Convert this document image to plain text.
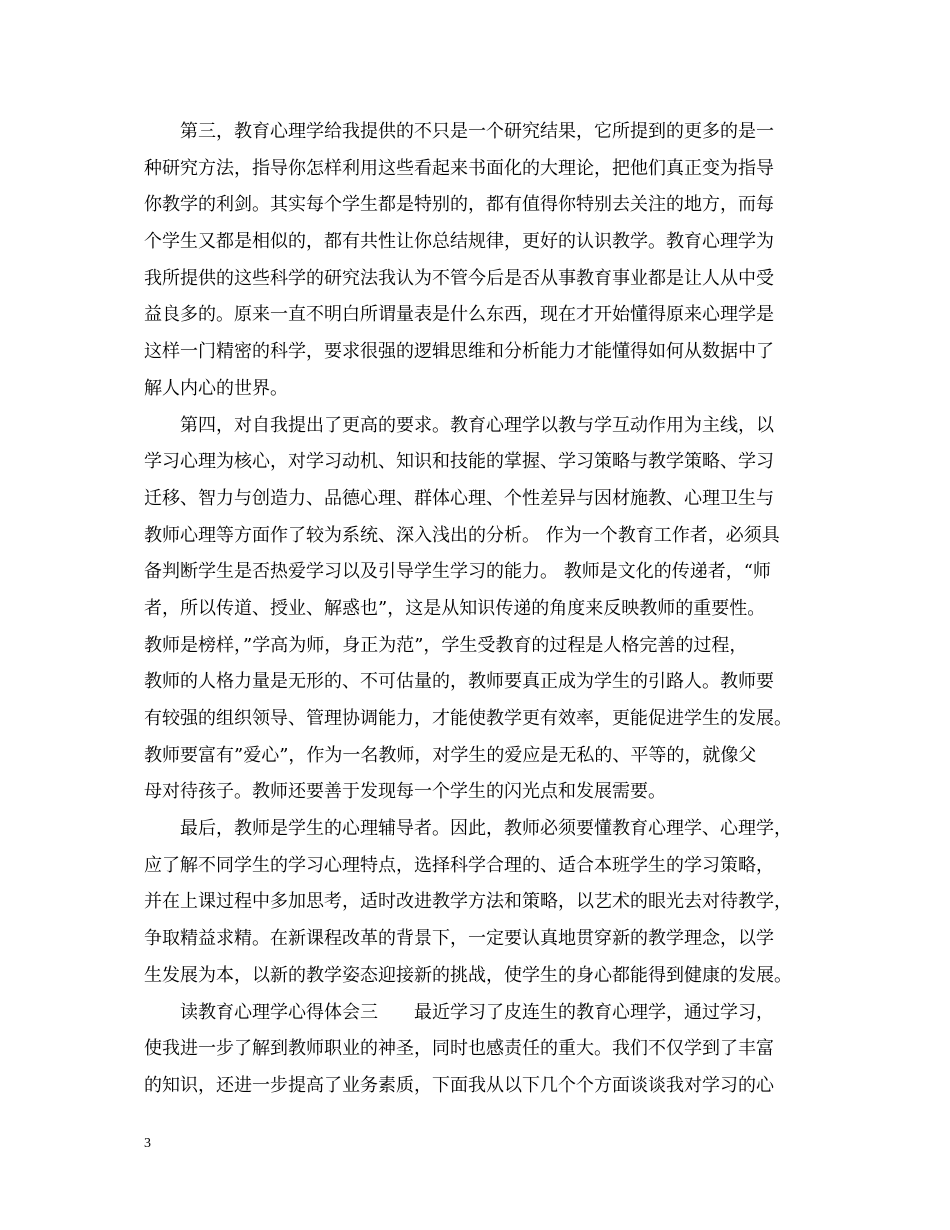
第三，教育心理学给我提供的不只是一个研究结果，它所提到的更多的是一
种研究方法，指导你怎样利用这些看起来书面化的大理论，把他们真正变为指导
你教学的利剑。其实每个学生都是特别的，都有值得你特别去关注的地方，而每
个学生又都是相似的，都有共性让你总结规律，更好的认识教学。教育心理学为
我所提供的这些科学的研究法我认为不管今后是否从事教育事业都是让人从中受
益良多的。原来一直不明白所谓量表是什么东西，现在才开始懂得原来心理学是
这样一门精密的科学，要求很强的逻辑思维和分析能力才能懂得如何从数据中了
解人内心的世界。
第四，对自我提出了更高的要求。教育心理学以教与学互动作用为主线，以
学习心理为核心，对学习动机、知识和技能的掌握、学习策略与教学策略、学习
迁移、智力与创造力、品德心理、群体心理、个性差异与因材施教、心理卫生与
教师心理等方面作了较为系统、深入浅出的分析。 作为一个教育工作者，必须具
备判断学生是否热爱学习以及引导学生学习的能力。 教师是文化的传递者，“师
者，所以传道、授业、解惑也”，这是从知识传递的角度来反映教师的重要性。
教师是榜样，”学高为师，身正为范”，学生受教育的过程是人格完善的过程，
教师的人格力量是无形的、不可估量的，教师要真正成为学生的引路人。教师要
有较强的组织领导、管理协调能力，才能使教学更有效率，更能促进学生的发展。
教师要富有”爱心”，作为一名教师，对学生的爱应是无私的、平等的，就像父
母对待孩子。教师还要善于发现每一个学生的闪光点和发展需要。
最后，教师是学生的心理辅导者。因此，教师必须要懂教育心理学、心理学，
应了解不同学生的学习心理特点，选择科学合理的、适合本班学生的学习策略，
并在上课过程中多加思考，适时改进教学方法和策略，以艺术的眼光去对待教学，
争取精益求精。在新课程改革的背景下，一定要认真地贯穿新的教学理念，以学
生发展为本，以新的教学姿态迎接新的挑战，使学生的身心都能得到健康的发展。
读教育心理学心得体会三　　最近学习了皮连生的教育心理学，通过学习，
使我进一步了解到教师职业的神圣，同时也感责任的重大。我们不仅学到了丰富
的知识，还进一步提高了业务素质，下面我从以下几个个方面谈谈我对学习的心
3
